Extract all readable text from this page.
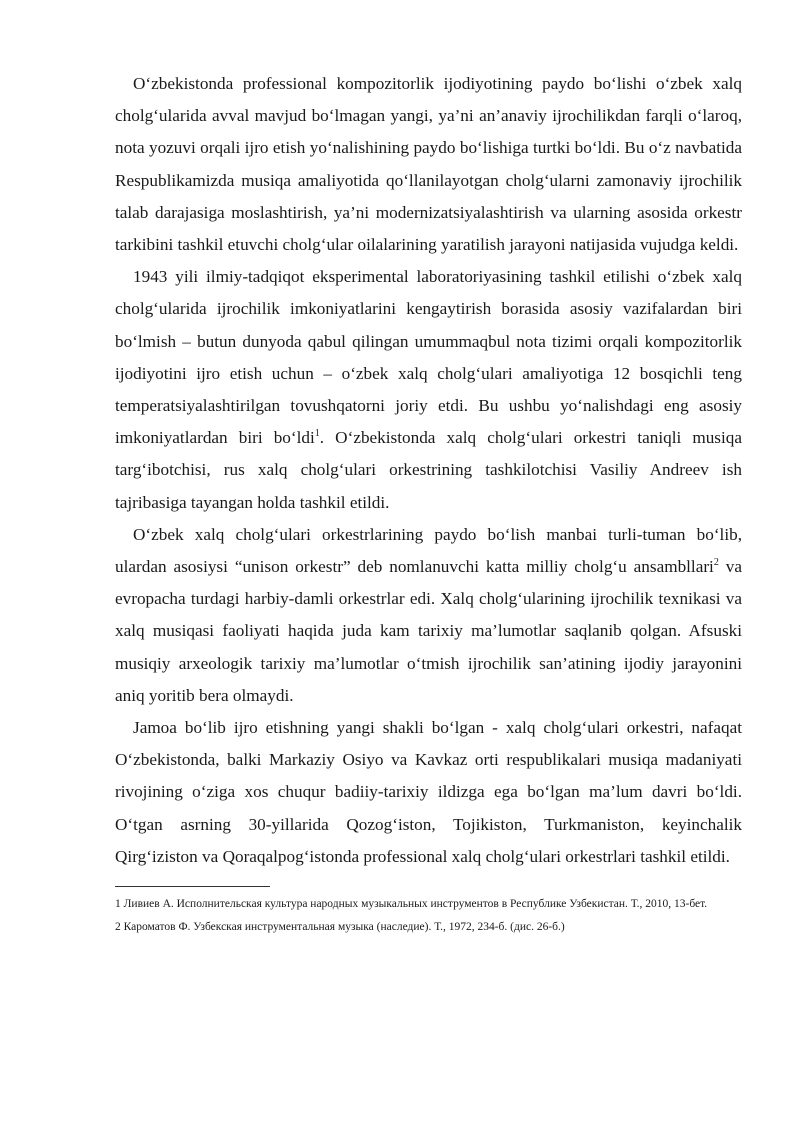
O‘zbekistonda professional kompozitorlik ijodiyotining paydo bo‘lishi o‘zbek xalq cholg‘ularida avval mavjud bo‘lmagan yangi, ya’ni an’anaviy ijrochilikdan farqli o‘laroq, nota yozuvi orqali ijro etish yo‘nalishining paydo bo‘lishiga turtki bo‘ldi. Bu o‘z navbatida Respublikamizda musiqa amaliyotida qo‘llanilayotgan cholg‘ularni zamonaviy ijrochilik talab darajasiga moslashtirish, ya’ni modernizatsiyalashtirish va ularning asosida orkestr tarkibini tashkil etuvchi cholg‘ular oilalarining yaratilish jarayoni natijasida vujudga keldi.

1943 yili ilmiy-tadqiqot eksperimental laboratoriyasining tashkil etilishi o‘zbek xalq cholg‘ularida ijrochilik imkoniyatlarini kengaytirish borasida asosiy vazifalardan biri bo‘lmish – butun dunyoda qabul qilingan umummaqbul nota tizimi orqali kompozitorlik ijodiyotini ijro etish uchun – o‘zbek xalq cholg‘ulari amaliyotiga 12 bosqichli teng temperatsiyalashtirilgan tovushqatorni joriy etdi. Bu ushbu yo‘nalishdagi eng asosiy imkoniyatlardan biri bo‘ldi$^1$. O‘zbekistonda xalq cholg‘ulari orkestri taniqli musiqa targ‘ibotchisi, rus xalq cholg‘ulari orkestrining tashkilotchisi Vasiliy Andreev ish tajribasiga tayangan holda tashkil etildi.

O‘zbek xalq cholg‘ulari orkestrlarining paydo bo‘lish manbai turli-tuman bo‘lib, ulardan asosiysi “unison orkestr” deb nomlanuvchi katta milliy cholg‘u ansambllari$^2$ va evropacha turdagi harbiy-damli orkestrlar edi. Xalq cholg‘ularining ijrochilik texnikasi va xalq musiqasi faoliyati haqida juda kam tarixiy ma’lumotlar saqlanib qolgan. Afsuski musiqiy arxeologik tarixiy ma’lumotlar o‘tmish ijrochilik san’atining ijodiy jarayonini aniq yoritib bera olmaydi.

Jamoa bo‘lib ijro etishning yangi shakli bo‘lgan - xalq cholg‘ulari orkestri, nafaqat O‘zbekistonda, balki Markaziy Osiyo va Kavkaz orti respublikalari musiqa madaniyati rivojining o‘ziga xos chuqur badiiy-tarixiy ildizga ega bo‘lgan ma’lum davri bo‘ldi. O‘tgan asrning 30-yillarida Qozog‘iston, Tojikiston, Turkmaniston, keyinchalik Qirg‘iziston va Qoraqalpog‘istonda professional xalq cholg‘ulari orkestrlari tashkil etildi.

1 Ливиев А. Исполнительская культура народных музыкальных инструментов в Республике Узбекистан. Т., 2010, 13-бет.

2 Кароматов Ф. Узбекская инструментальная музыка (наследие). Т., 1972, 234‑б. (дис. 26‑б.)
